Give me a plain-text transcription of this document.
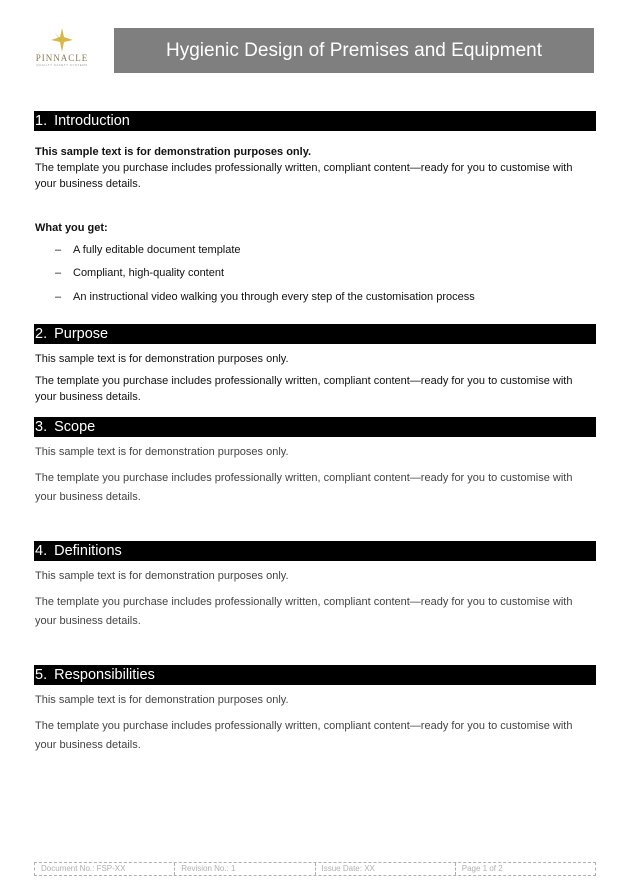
PINNACLE
QUALITY SAFETY SYSTEMS
Hygienic Design of Premises and Equipment
1. Introduction
This sample text is for demonstration purposes only.
The template you purchase includes professionally written, compliant content—ready for you to customise with your business details.
What you get:
– A fully editable document template
– Compliant, high-quality content
– An instructional video walking you through every step of the customisation process
2. Purpose
This sample text is for demonstration purposes only.
The template you purchase includes professionally written, compliant content—ready for you to customise with your business details.
3. Scope
This sample text is for demonstration purposes only.
The template you purchase includes professionally written, compliant content—ready for you to customise with your business details.
4. Definitions
This sample text is for demonstration purposes only.
The template you purchase includes professionally written, compliant content—ready for you to customise with your business details.
5. Responsibilities
This sample text is for demonstration purposes only.
The template you purchase includes professionally written, compliant content—ready for you to customise with your business details.
Document No.: FSP-XX	Revision No.: 1	Issue Date: XX	Page 1 of 2
